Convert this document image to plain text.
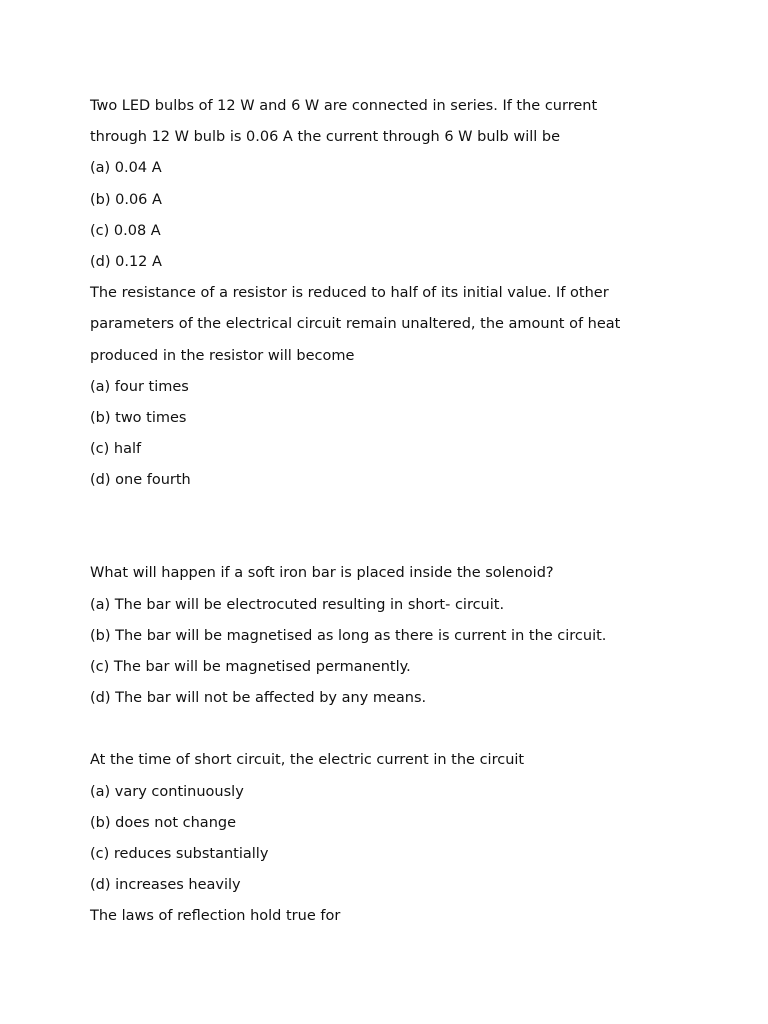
Two LED bulbs of 12 W and 6 W are connected in series. If the current
through 12 W bulb is 0.06 A the current through 6 W bulb will be
(a) 0.04 A
(b) 0.06 A
(c) 0.08 A
(d) 0.12 A
The resistance of a resistor is reduced to half of its initial value. If other
parameters of the electrical circuit remain unaltered, the amount of heat
produced in the resistor will become
(a) four times
(b) two times
(c) half
(d) one fourth
What will happen if a soft iron bar is placed inside the solenoid?
(a) The bar will be electrocuted resulting in short- circuit.
(b) The bar will be magnetised as long as there is current in the circuit.
(c) The bar will be magnetised permanently.
(d) The bar will not be affected by any means.
At the time of short circuit, the electric current in the circuit
(a) vary continuously
(b) does not change
(c) reduces substantially
(d) increases heavily
The laws of reflection hold true for
